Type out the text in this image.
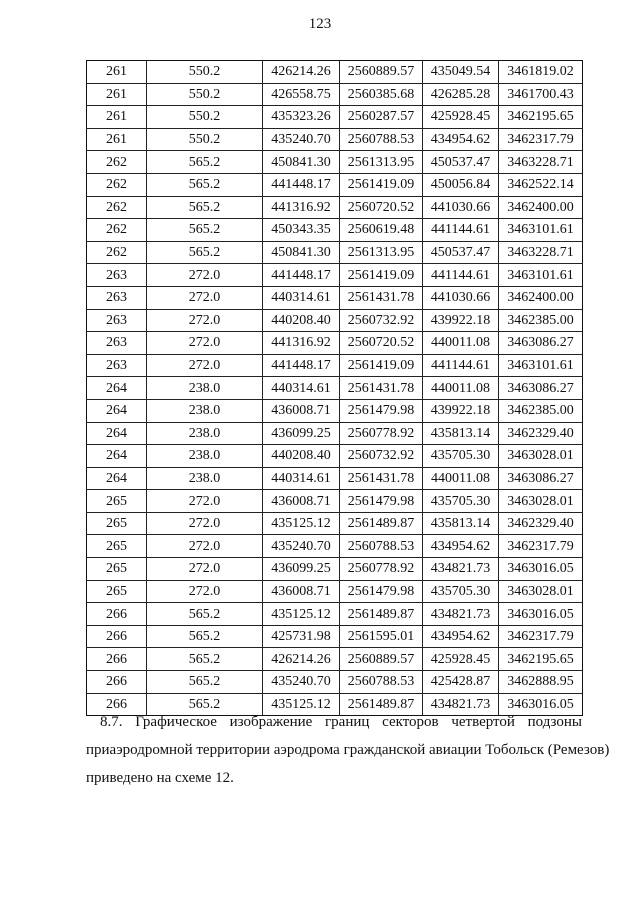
123
261	550.2	426214.26	2560889.57	435049.54	3461819.02
261	550.2	426558.75	2560385.68	426285.28	3461700.43
261	550.2	435323.26	2560287.57	425928.45	3462195.65
261	550.2	435240.70	2560788.53	434954.62	3462317.79
262	565.2	450841.30	2561313.95	450537.47	3463228.71
262	565.2	441448.17	2561419.09	450056.84	3462522.14
262	565.2	441316.92	2560720.52	441030.66	3462400.00
262	565.2	450343.35	2560619.48	441144.61	3463101.61
262	565.2	450841.30	2561313.95	450537.47	3463228.71
263	272.0	441448.17	2561419.09	441144.61	3463101.61
263	272.0	440314.61	2561431.78	441030.66	3462400.00
263	272.0	440208.40	2560732.92	439922.18	3462385.00
263	272.0	441316.92	2560720.52	440011.08	3463086.27
263	272.0	441448.17	2561419.09	441144.61	3463101.61
264	238.0	440314.61	2561431.78	440011.08	3463086.27
264	238.0	436008.71	2561479.98	439922.18	3462385.00
264	238.0	436099.25	2560778.92	435813.14	3462329.40
264	238.0	440208.40	2560732.92	435705.30	3463028.01
264	238.0	440314.61	2561431.78	440011.08	3463086.27
265	272.0	436008.71	2561479.98	435705.30	3463028.01
265	272.0	435125.12	2561489.87	435813.14	3462329.40
265	272.0	435240.70	2560788.53	434954.62	3462317.79
265	272.0	436099.25	2560778.92	434821.73	3463016.05
265	272.0	436008.71	2561479.98	435705.30	3463028.01
266	565.2	435125.12	2561489.87	434821.73	3463016.05
266	565.2	425731.98	2561595.01	434954.62	3462317.79
266	565.2	426214.26	2560889.57	425928.45	3462195.65
266	565.2	435240.70	2560788.53	425428.87	3462888.95
266	565.2	435125.12	2561489.87	434821.73	3463016.05
8.7. Графическое изображение границ секторов четвертой подзоны
приаэродромной территории аэродрома гражданской авиации Тобольск (Ремезов)
приведено на схеме 12.
